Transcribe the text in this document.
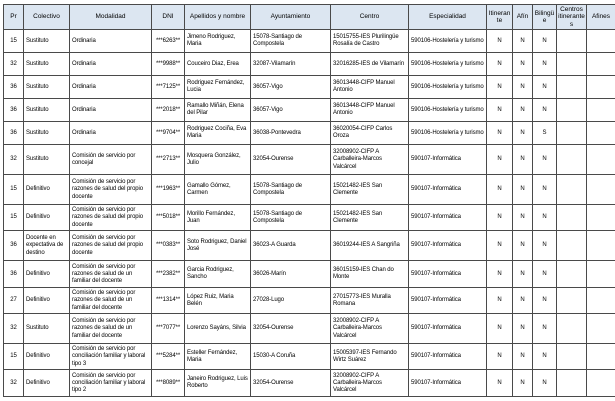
Pr	Colectivo	Modalidad	DNI	Apellidos y nombre	Ayuntamiento	Centro	Especialidad	Itinerante	Afín	Bilingüe	Centros itinerantes	Afines
15	Sustituto	Ordinaria	***6263**	Jimeno Rodriguez, Maria	15078-Santiago de Compostela	15015755-IES Plurilingüe Rosalía de Castro	590106-Hostelería y turismo	N	N	N		
32	Sustituto	Ordinaria	***9988**	Couceiro Diaz, Erea	32087-Vilamarín	32016285-IES de Vilamarín	590106-Hostelería y turismo	N	N	N		
36	Sustituto	Ordinaria	***7125**	Rodriguez Fernández, Lucia	36057-Vigo	36013448-CIFP Manuel Antonio	590106-Hostelería y turismo	N	N	N		
36	Sustituto	Ordinaria	***2018**	Ramallo Miñán, Elena del Pilar	36057-Vigo	36013448-CIFP Manuel Antonio	590106-Hostelería y turismo	N	N	N		
36	Sustituto	Ordinaria	***9704**	Rodriguez Cociña, Eva Maria	36038-Pontevedra	36020054-CIFP Carlos Oroza	590106-Hostelería y turismo	N	N	S		
32	Sustituto	Comisión de servicio por concejal	***2713**	Mosquera González, Julio	32054-Ourense	32008902-CIFP A Carballeira-Marcos Valcárcel	590107-Informática	N	N	N		
15	Definitivo	Comisión de servicio por razones de salud del propio docente	***1963**	Gamallo Gómez, Carmen	15078-Santiago de Compostela	15021482-IES San Clemente	590107-Informática	N	N	N		
15	Definitivo	Comisión de servicio por razones de salud del propio docente	***5018**	Morillo Fernández, Juan	15078-Santiago de Compostela	15021482-IES San Clemente	590107-Informática	N	N	N		
36	Docente en expectativa de destino	Comisión de servicio por razones de salud del propio docente	***0383**	Soto Rodriguez, Daniel José	36023-A Guarda	36019244-IES A Sangriña	590107-Informática	N	N	N		
36	Definitivo	Comisión de servicio por razones de salud de un familiar del docente	***2382**	Garcia Rodriguez, Sancho	36026-Marín	36015159-IES Chan do Monte	590107-Informática	N	N	N		
27	Definitivo	Comisión de servicio por razones de salud de un familiar del docente	***1314**	López Ruiz, Maria Belén	27028-Lugo	27015773-IES Muralla Romana	590107-Informática	N	N	N		
32	Sustituto	Comisión de servicio por razones de salud de un familiar del docente	***7077**	Lorenzo Sayáns, Silvia	32054-Ourense	32008902-CIFP A Carballeira-Marcos Valcárcel	590107-Informática	N	N	N		
15	Definitivo	Comisión de servicio por conciliación familiar y laboral tipo 3	***5284**	Esteller Fernández, Maria	15030-A Coruña	15005397-IES Fernando Wirtz Suárez	590107-Informática	N	N	N		
32	Definitivo	Comisión de servicio por conciliación familiar y laboral tipo 2	***8089**	Janeiro Rodriguez, Luis Roberto	32054-Ourense	32008902-CIFP A Carballeira-Marcos Valcárcel	590107-Informática	N	N	N		
